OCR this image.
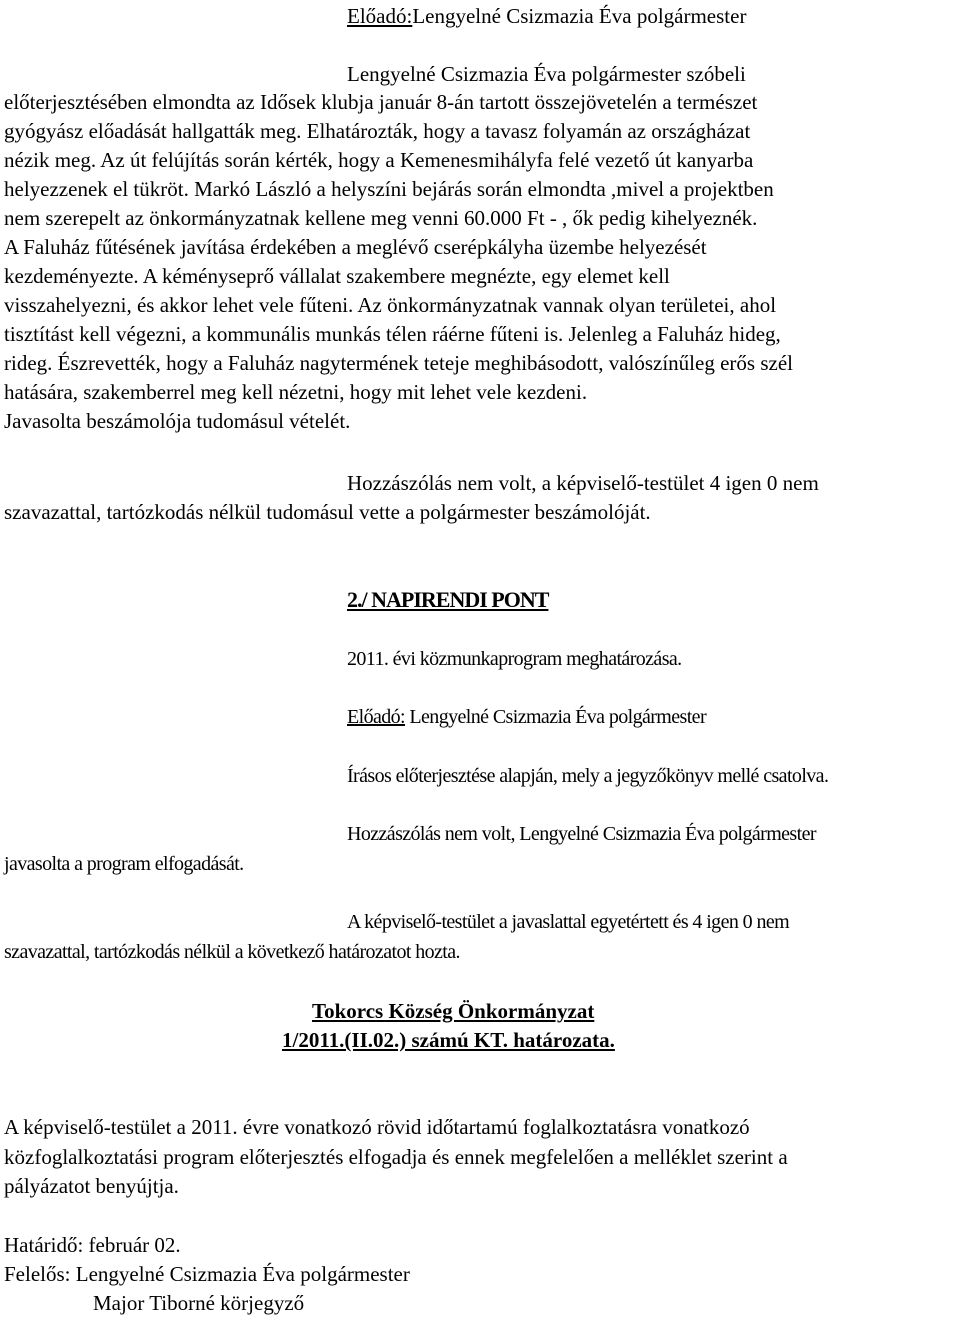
Előadó:Lengyelné Csizmazia Éva polgármester
Lengyelné Csizmazia Éva polgármester szóbeli
előterjesztésében elmondta az Idősek klubja január 8-án tartott összejövetelén a természet
gyógyász előadását hallgatták meg. Elhatározták, hogy a tavasz folyamán az országházat
nézik meg. Az út felújítás során kérték, hogy a Kemenesmihályfa felé vezető út kanyarba
helyezzenek el tükröt. Markó László a helyszíni bejárás során elmondta ,mivel a projektben
nem szerepelt az önkormányzatnak kellene meg venni 60.000 Ft - , ők pedig kihelyeznék.
A Faluház fűtésének javítása érdekében a meglévő cserépkályha üzembe helyezését
kezdeményezte. A kéményseprő vállalat szakembere megnézte, egy elemet kell
visszahelyezni, és akkor lehet vele fűteni. Az önkormányzatnak vannak olyan területei, ahol
tisztítást kell végezni, a kommunális munkás télen ráérne fűteni is. Jelenleg a Faluház hideg,
rideg. Észrevették, hogy a Faluház nagytermének teteje meghibásodott, valószínűleg erős szél
hatására, szakemberrel meg kell nézetni, hogy mit lehet vele kezdeni.
Javasolta beszámolója tudomásul vételét.
Hozzászólás nem volt, a képviselő-testület 4 igen 0 nem
szavazattal, tartózkodás nélkül tudomásul vette a polgármester beszámolóját.
2./ NAPIRENDI PONT
2011. évi közmunkaprogram meghatározása.
Előadó: Lengyelné Csizmazia Éva polgármester
Írásos előterjesztése alapján, mely a jegyzőkönyv mellé csatolva.
Hozzászólás nem volt, Lengyelné Csizmazia Éva polgármester
javasolta a program elfogadását.
A képviselő-testület a javaslattal egyetértett és 4 igen 0 nem
szavazattal, tartózkodás nélkül a következő határozatot hozta.
Tokorcs Község Önkormányzat
1/2011.(II.02.) számú KT. határozata.
A képviselő-testület a 2011. évre vonatkozó rövid időtartamú foglalkoztatásra vonatkozó
közfoglalkoztatási program előterjesztés elfogadja és ennek megfelelően a melléklet szerint a
pályázatot benyújtja.
Határidő: február 02.
Felelős: Lengyelné Csizmazia Éva polgármester
Major Tiborné körjegyző
